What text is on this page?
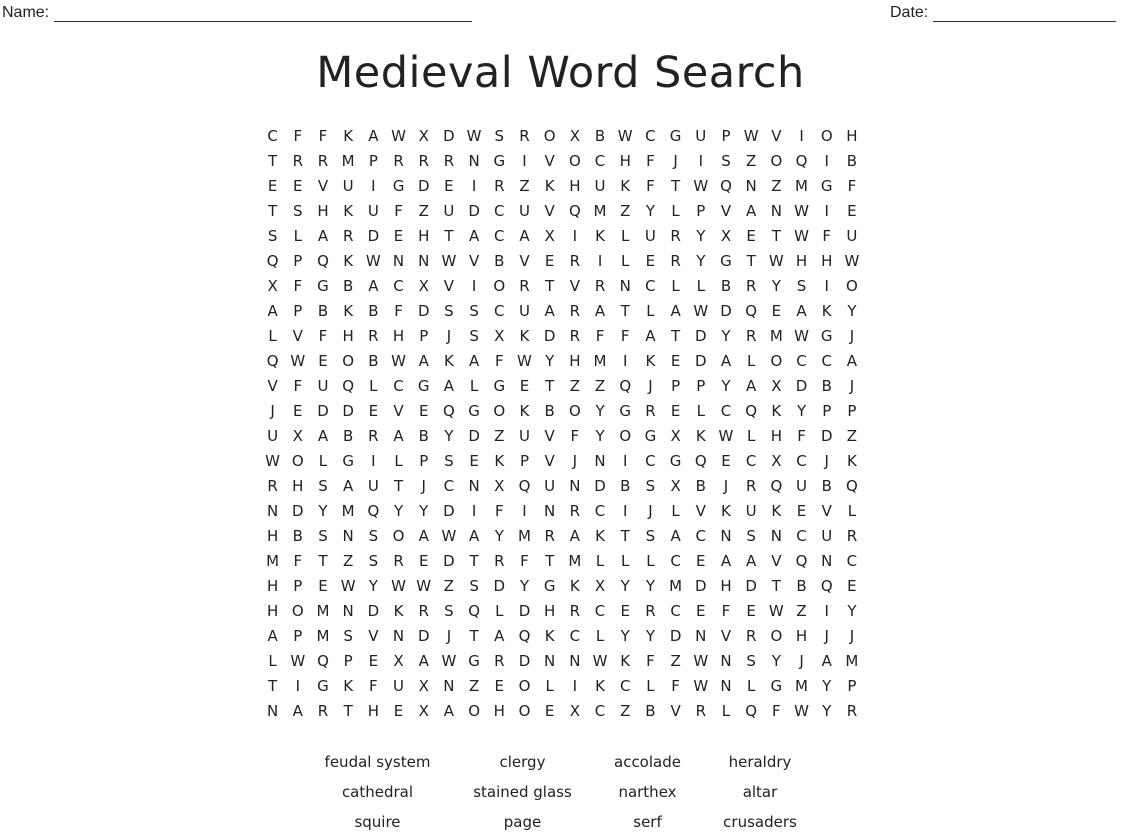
Name:	Date:
Medieval Word Search
C	F	F	K	A W X D W S	R O X B W C G U	P W V	I	O H
T	R R M P	R R R N G	I	V O C H	F	J	I	S	Z O Q	I	B
E	E	V U	I	G D E	I	R Z	K H U K	F	T W Q N Z M G	F
T	S H K U	F	Z U D C U V Q M Z	Y	L	P	V A N W	I	E
S	L	A R D E H T	A C A X	I	K	L	U R	Y	X	E	T W F	U
Q P Q K W N N W V B V	E	R	I	L	E	R	Y G T W H H W
X	F	G B A C X V	I	O R	T	V R N C	L	L	B R	Y	S	I	O
A	P	B	K	B	F	D S	S	C U A R A	T	L	A W D Q E	A	K	Y
L	V	F	H R H	P	J	S	X	K D R	F	F	A	T D Y	R M W G	J
Q W E O B W A	K	A	F W Y H M	I	K	E D A	L	O C C A
V	F	U Q	L	C G A	L	G E	T	Z Z Q	J	P	P	Y	A X D B	J
J	E D D E	V	E Q G O K	B O Y G R	E	L	C Q K	Y	P	P
U X A B R A B	Y D Z U V	F	Y O G X	K W L	H	F	D Z
W O	L	G	I	L	P	S	E	K	P	V	J	N	I	C G Q E	C X C	J	K
R H S	A U	T	J	C N X Q U N D B	S	X B	J	R Q U B Q
N D Y M Q Y	Y D	I	F	I	N R C	I	J	L	V	K U K	E	V	L
H B	S N S O A W A	Y M R A	K	T	S	A C N S N C U R
M F	T	Z	S	R	E D T	R	F	T M L	L	L	C	E	A A V Q N C
H	P	E W Y W W Z	S D Y G K	X	Y	Y M D H D T	B Q E
H O M N D K	R	S Q	L	D H R C	E	R C	E	F	E W Z	I	Y
A	P M S	V N D	J	T	A Q K	C	L	Y	Y D N V R O H	J	J
L W Q P	E	X A W G R D N N W K	F	Z W N S	Y	J	A M
T	I	G K	F	U X N Z	E O	L	I	K	C	L	F W N	L	G M Y	P
N A R	T H E	X A O H O E	X C Z B V R	L	Q F W Y	R
feudal system	clergy	accolade	heraldry
cathedral	stained glass	narthex	altar
squire	page	serf	crusaders
